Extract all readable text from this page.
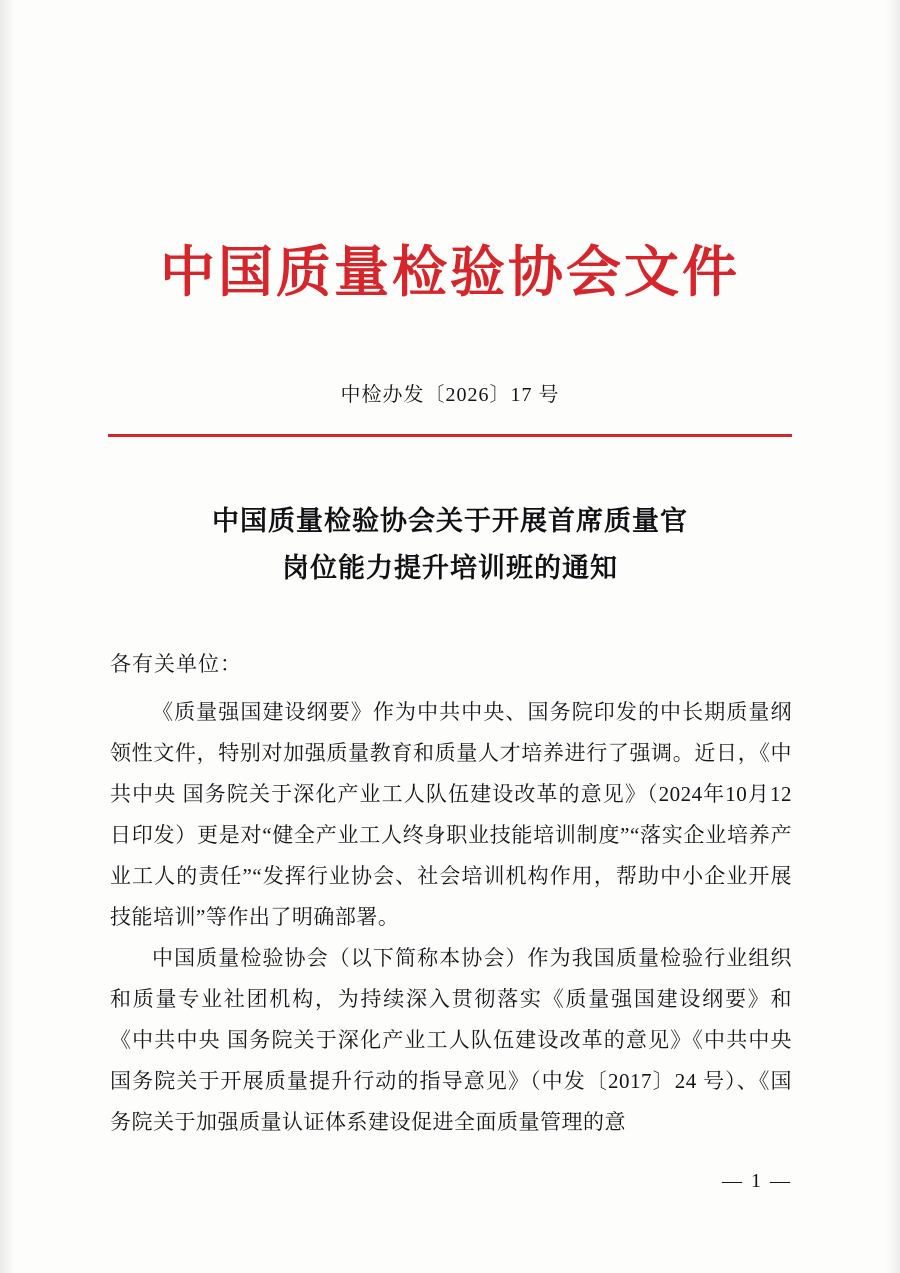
中国质量检验协会文件
中检办发〔2026〕17 号
中国质量检验协会关于开展首席质量官
岗位能力提升培训班的通知
各有关单位：

《质量强国建设纲要》作为中共中央、国务院印发的中长期质量纲领性文件，特别对加强质量教育和质量人才培养进行了强调。近日，《中共中央 国务院关于深化产业工人队伍建设改革的意见》（2024年10月12日印发）更是对“健全产业工人终身职业技能培训制度”“落实企业培养产业工人的责任”“发挥行业协会、社会培训机构作用，帮助中小企业开展技能培训”等作出了明确部署。

中国质量检验协会（以下简称本协会）作为我国质量检验行业组织和质量专业社团机构，为持续深入贯彻落实《质量强国建设纲要》和《中共中央 国务院关于深化产业工人队伍建设改革的意见》《中共中央 国务院关于开展质量提升行动的指导意见》（中发〔2017〕24 号）、《国务院关于加强质量认证体系建设促进全面质量管理的意

— 1 —
